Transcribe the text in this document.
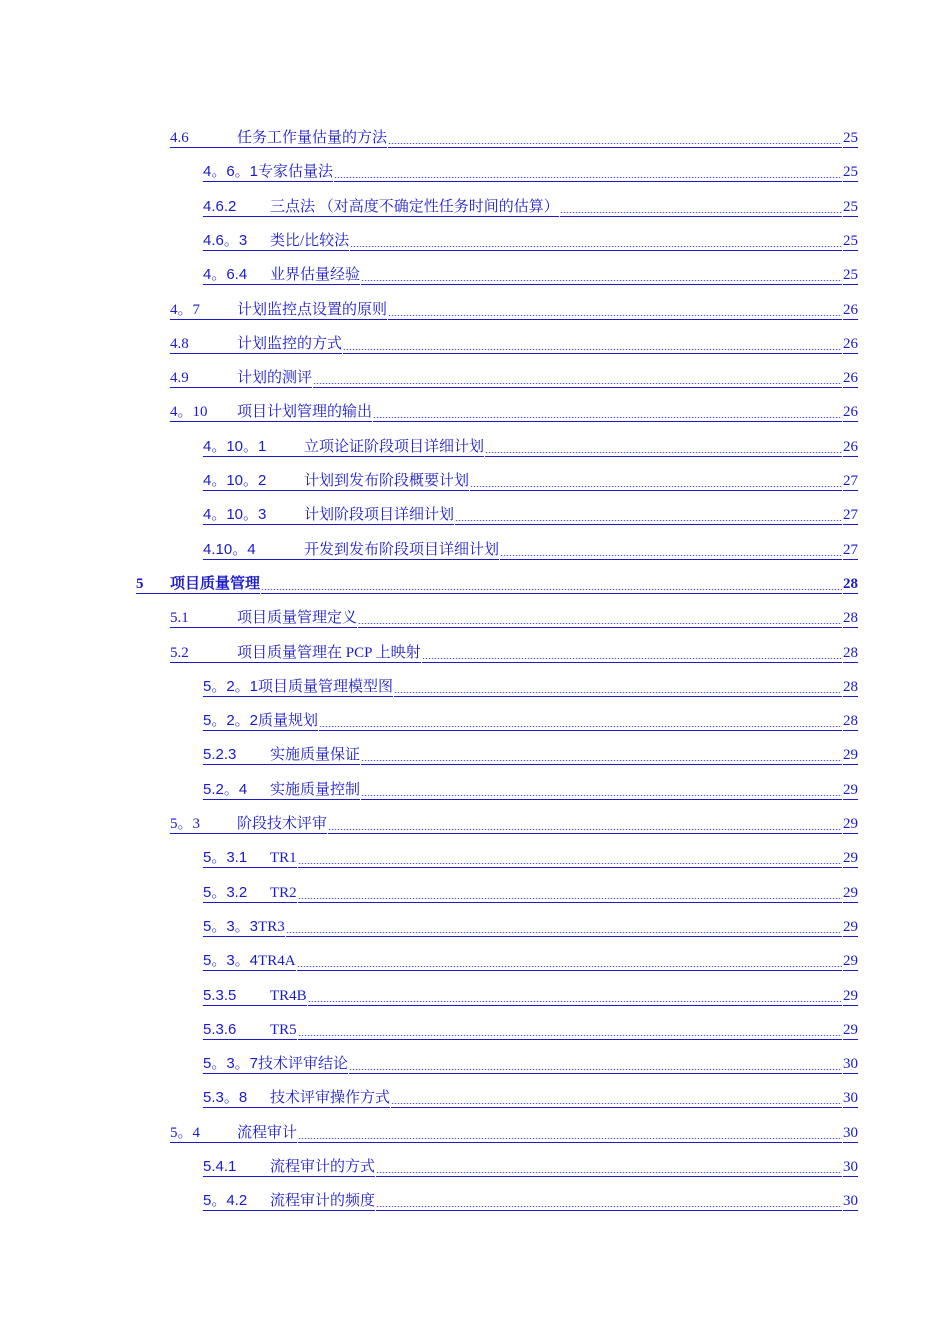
4.6	任务工作量估量的方法	25
4。6。1 专家估量法	25
4.6.2	三点法 （对高度不确定性任务时间的估算）	25
4.6。3	类比/比较法	25
4。6.4	业界估量经验	25
4。7	计划监控点设置的原则	26
4.8	计划监控的方式	26
4.9	计划的测评	26
4。10	项目计划管理的输出	26
4。10。1	立项论证阶段项目详细计划	26
4。10。2	计划到发布阶段概要计划	27
4。10。3	计划阶段项目详细计划	27
4.10。4	开发到发布阶段项目详细计划	27
5	项目质量管理	28
5.1	项目质量管理定义	28
5.2	项目质量管理在 PCP 上映射	28
5。2。1 项目质量管理模型图	28
5。2。2 质量规划	28
5.2.3	实施质量保证	29
5.2。4	实施质量控制	29
5。3	阶段技术评审	29
5。3.1	TR1	29
5。3.2	TR2	29
5。3。3 TR3	29
5。3。4 TR4A	29
5.3.5	TR4B	29
5.3.6	TR5	29
5。3。7 技术评审结论	30
5.3。8	技术评审操作方式	30
5。4	流程审计	30
5.4.1	流程审计的方式	30
5。4.2	流程审计的频度	30
